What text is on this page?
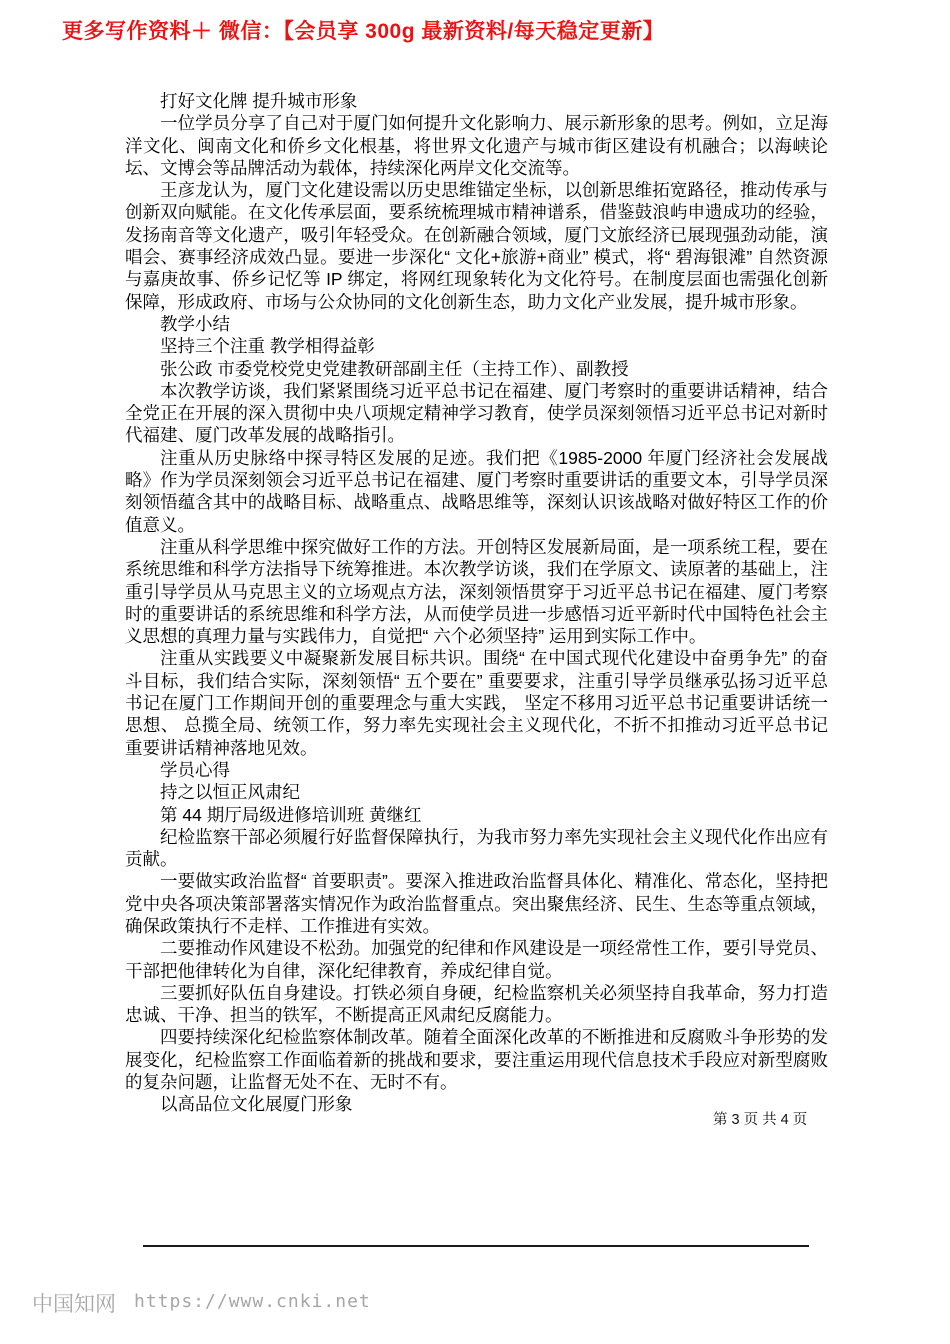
更多写作资料＋ 微信：【会员享 300g 最新资料/每天稳定更新】

打好文化牌 提升城市形象

一位学员分享了自己对于厦门如何提升文化影响力、展示新形象的思考。例如，立足海洋文化、闽南文化和侨乡文化根基，将世界文化遗产与城市街区建设有机融合；以海峡论坛、文博会等品牌活动为载体，持续深化两岸文化交流等。

王彦龙认为，厦门文化建设需以历史思维锚定坐标，以创新思维拓宽路径，推动传承与创新双向赋能。在文化传承层面，要系统梳理城市精神谱系，借鉴鼓浪屿申遗成功的经验，发扬南音等文化遗产，吸引年轻受众。在创新融合领域，厦门文旅经济已展现强劲动能，演唱会、赛事经济成效凸显。要进一步深化“ 文化+旅游+商业” 模式，将“ 碧海银滩” 自然资源与嘉庚故事、侨乡记忆等 IP 绑定，将网红现象转化为文化符号。在制度层面也需强化创新保障，形成政府、市场与公众协同的文化创新生态，助力文化产业发展，提升城市形象。

教学小结

坚持三个注重 教学相得益彰

张公政 市委党校党史党建教研部副主任（主持工作）、副教授

本次教学访谈，我们紧紧围绕习近平总书记在福建、厦门考察时的重要讲话精神，结合全党正在开展的深入贯彻中央八项规定精神学习教育，使学员深刻领悟习近平总书记对新时代福建、厦门改革发展的战略指引。

注重从历史脉络中探寻特区发展的足迹。我们把《1985-2000 年厦门经济社会发展战略》作为学员深刻领会习近平总书记在福建、厦门考察时重要讲话的重要文本，引导学员深刻领悟蕴含其中的战略目标、战略重点、战略思维等，深刻认识该战略对做好特区工作的价值意义。

注重从科学思维中探究做好工作的方法。开创特区发展新局面，是一项系统工程，要在系统思维和科学方法指导下统筹推进。本次教学访谈，我们在学原文、读原著的基础上，注重引导学员从马克思主义的立场观点方法，深刻领悟贯穿于习近平总书记在福建、厦门考察时的重要讲话的系统思维和科学方法，从而使学员进一步感悟习近平新时代中国特色社会主义思想的真理力量与实践伟力，自觉把“ 六个必须坚持” 运用到实际工作中。

注重从实践要义中凝聚新发展目标共识。围绕“ 在中国式现代化建设中奋勇争先” 的奋斗目标，我们结合实际，深刻领悟“ 五个要在” 重要要求，注重引导学员继承弘扬习近平总书记在厦门工作期间开创的重要理念与重大实践， 坚定不移用习近平总书记重要讲话统一思想、 总揽全局、统领工作，努力率先实现社会主义现代化，不折不扣推动习近平总书记重要讲话精神落地见效。

学员心得

持之以恒正风肃纪

第 44 期厅局级进修培训班 黄继红

纪检监察干部必须履行好监督保障执行，为我市努力率先实现社会主义现代化作出应有贡献。

一要做实政治监督“ 首要职责”。要深入推进政治监督具体化、精准化、常态化，坚持把党中央各项决策部署落实情况作为政治监督重点。突出聚焦经济、民生、生态等重点领域，确保政策执行不走样、工作推进有实效。

二要推动作风建设不松劲。加强党的纪律和作风建设是一项经常性工作，要引导党员、干部把他律转化为自律，深化纪律教育，养成纪律自觉。

三要抓好队伍自身建设。打铁必须自身硬，纪检监察机关必须坚持自我革命，努力打造忠诚、干净、担当的铁军，不断提高正风肃纪反腐能力。

四要持续深化纪检监察体制改革。随着全面深化改革的不断推进和反腐败斗争形势的发展变化，纪检监察工作面临着新的挑战和要求，要注重运用现代信息技术手段应对新型腐败的复杂问题，让监督无处不在、无时不有。

以高品位文化展厦门形象

第 3 页 共 4 页
中国知网 https://www.cnki.net
